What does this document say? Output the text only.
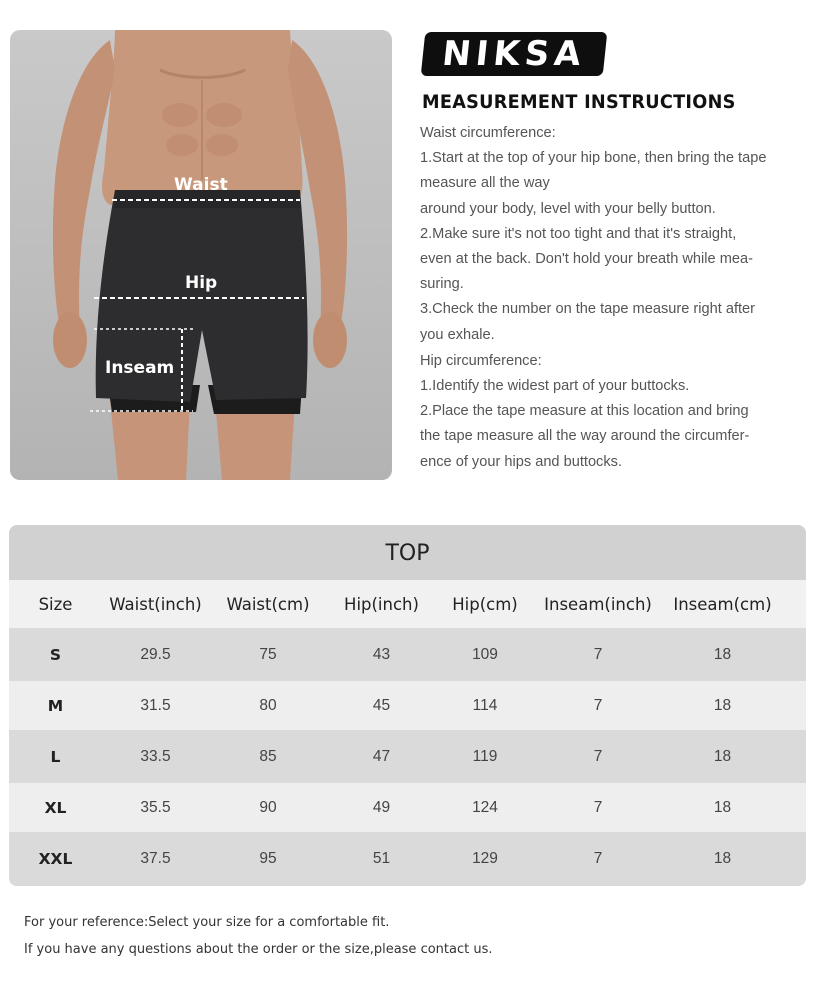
Waist
Hip
Inseam
NIKSA
MEASUREMENT INSTRUCTIONS
Waist circumference:
1.Start at the top of your hip bone, then bring the tape
measure all the way
around your body, level with your belly button.
2.Make sure it's not too tight and that it's straight,
even at the back. Don't hold your breath while mea-
suring.
3.Check the number on the tape measure right after
you exhale.
Hip circumference:
1.Identify the widest part of your buttocks.
2.Place the tape measure at this location and bring
the tape measure all the way around the circumfer-
ence of your hips and buttocks.
TOP
Size	Waist(inch)	Waist(cm)	Hip(inch)	Hip(cm)	Inseam(inch)	Inseam(cm)
S	29.5	75	43	109	7	18
M	31.5	80	45	114	7	18
L	33.5	85	47	119	7	18
XL	35.5	90	49	124	7	18
XXL	37.5	95	51	129	7	18
For your reference:Select your size for a comfortable fit.
If you have any questions about the order or the size,please contact us.
